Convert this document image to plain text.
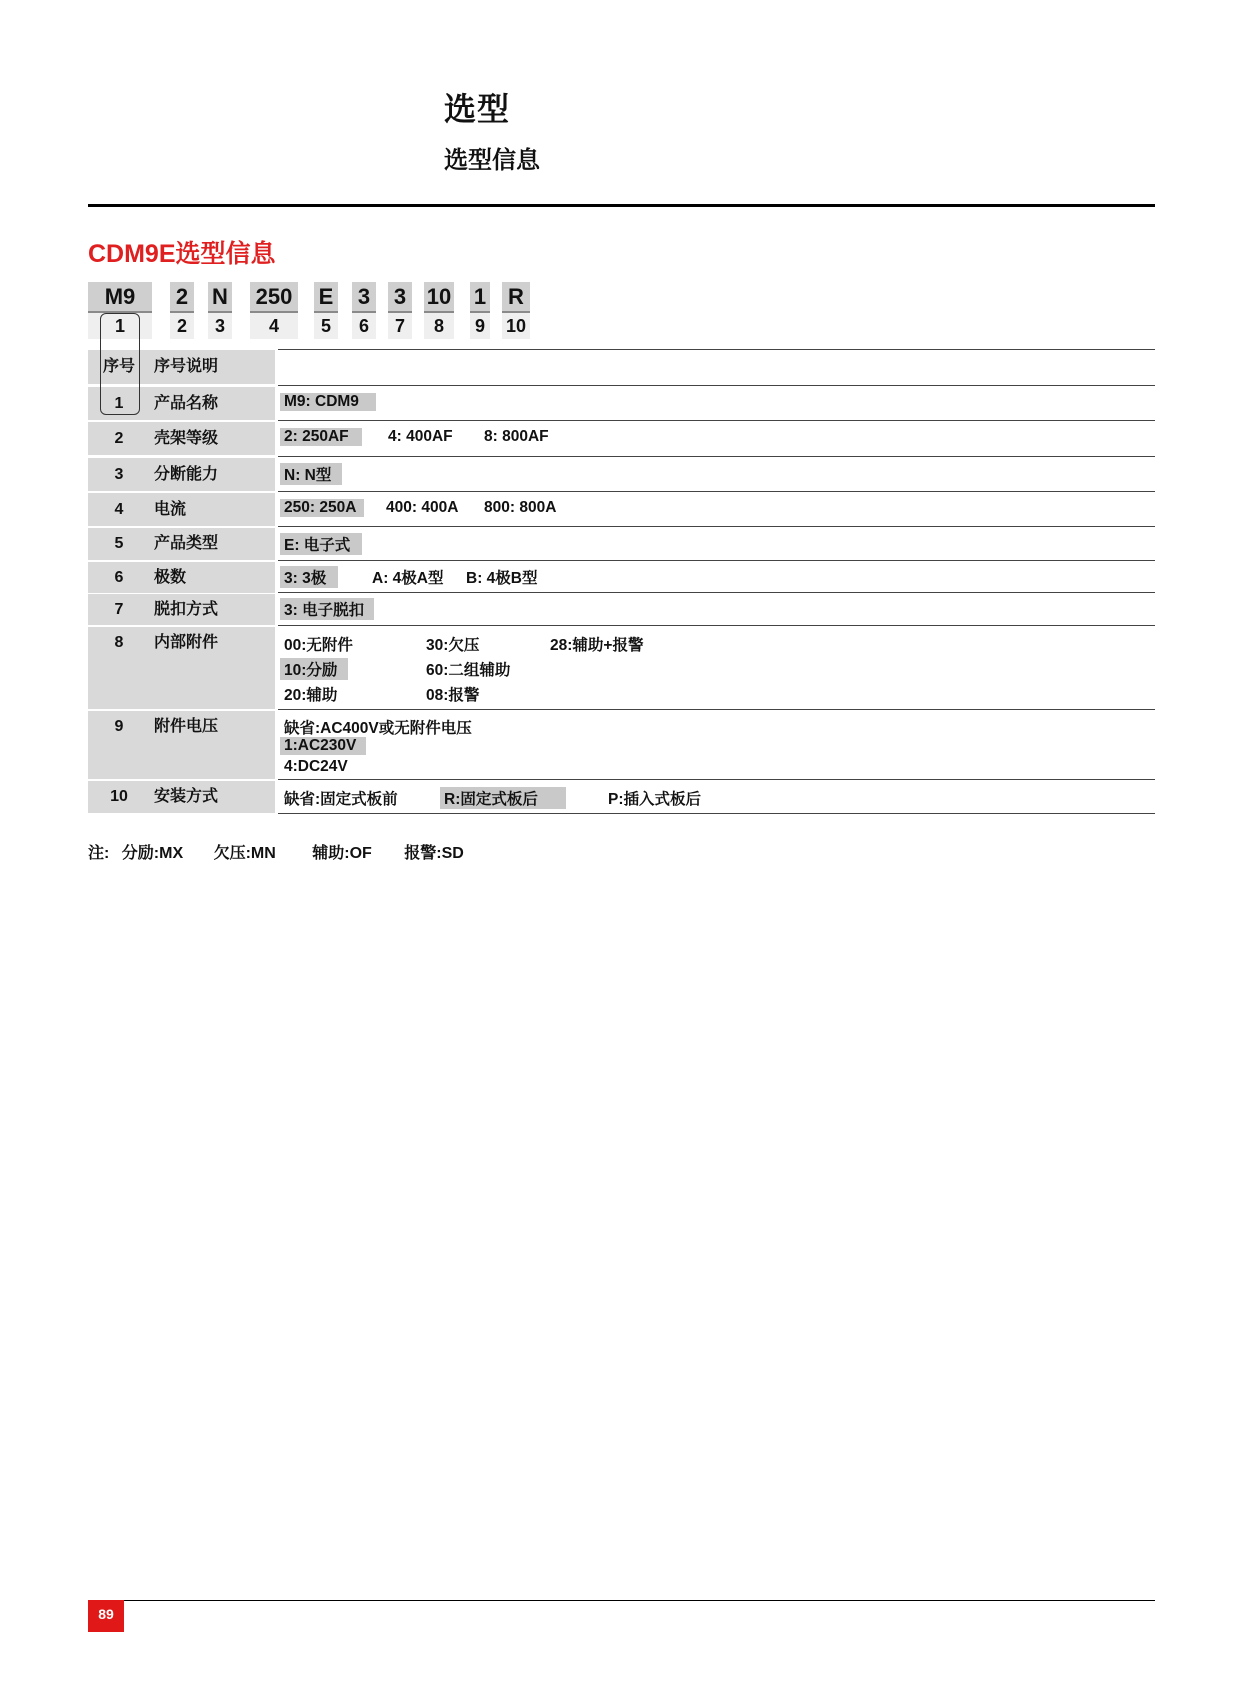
选型
选型信息
CDM9E选型信息
M9	2 N 250 E 3 3 10 1 R
1	2	3	4	5	6	7	8	9 10
序号	序号说明
1	产品名称	M9: CDM9
2	壳架等级	2: 250AF	4: 400AF 8: 800AF
3	分断能力	N: N型
4	电流	250: 250A	400: 400A 800: 800A
5	产品类型	E: 电子式
6	极数	3: 3极	A: 4极A型 B: 4极B型
7	脱扣方式	3: 电子脱扣
8	内部附件	00:无附件	30:欠压	28:辅助+报警
10:分励	60:二组辅助
20:辅助	08:报警
9	附件电压	缺省:AC400V或无附件电压
1:AC230V
4:DC24V
10	安装方式	缺省:固定式板前	R:固定式板后	P:插入式板后
注: 分励:MX 欠压:MN 辅助:OF 报警:SD
89
